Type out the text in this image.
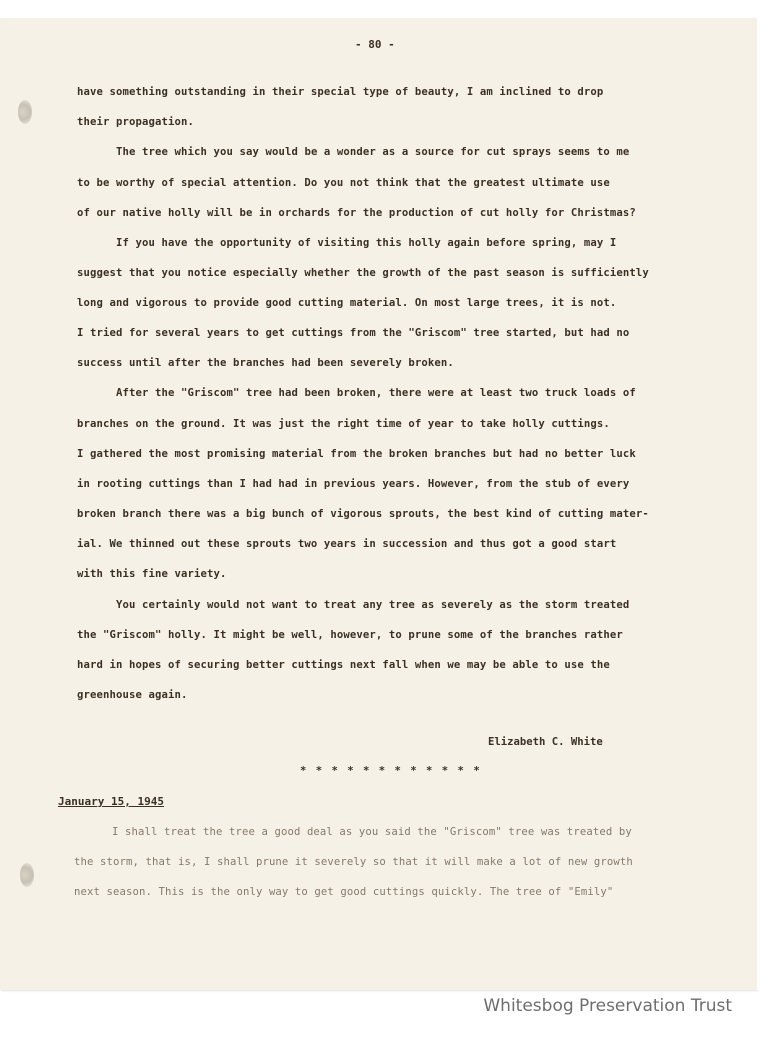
- 80 -
have something outstanding in their special type of beauty, I am inclined to drop
their propagation.
The tree which you say would be a wonder as a source for cut sprays seems to me
to be worthy of special attention. Do you not think that the greatest ultimate use
of our native holly will be in orchards for the production of cut holly for Christmas?
If you have the opportunity of visiting this holly again before spring, may I
suggest that you notice especially whether the growth of the past season is sufficiently
long and vigorous to provide good cutting material. On most large trees, it is not.
I tried for several years to get cuttings from the "Griscom" tree started, but had no
success until after the branches had been severely broken.
After the "Griscom" tree had been broken, there were at least two truck loads of
branches on the ground. It was just the right time of year to take holly cuttings.
I gathered the most promising material from the broken branches but had no better luck
in rooting cuttings than I had had in previous years. However, from the stub of every
broken branch there was a big bunch of vigorous sprouts, the best kind of cutting mater-
ial. We thinned out these sprouts two years in succession and thus got a good start
with this fine variety.
You certainly would not want to treat any tree as severely as the storm treated
the "Griscom" holly. It might be well, however, to prune some of the branches rather
hard in hopes of securing better cuttings next fall when we may be able to use the
greenhouse again.
Elizabeth C. White
* * * * * * * * * * * *
January 15, 1945
I shall treat the tree a good deal as you said the "Griscom" tree was treated by
the storm, that is, I shall prune it severely so that it will make a lot of new growth
next season. This is the only way to get good cuttings quickly. The tree of "Emily"
Whitesbog Preservation Trust
